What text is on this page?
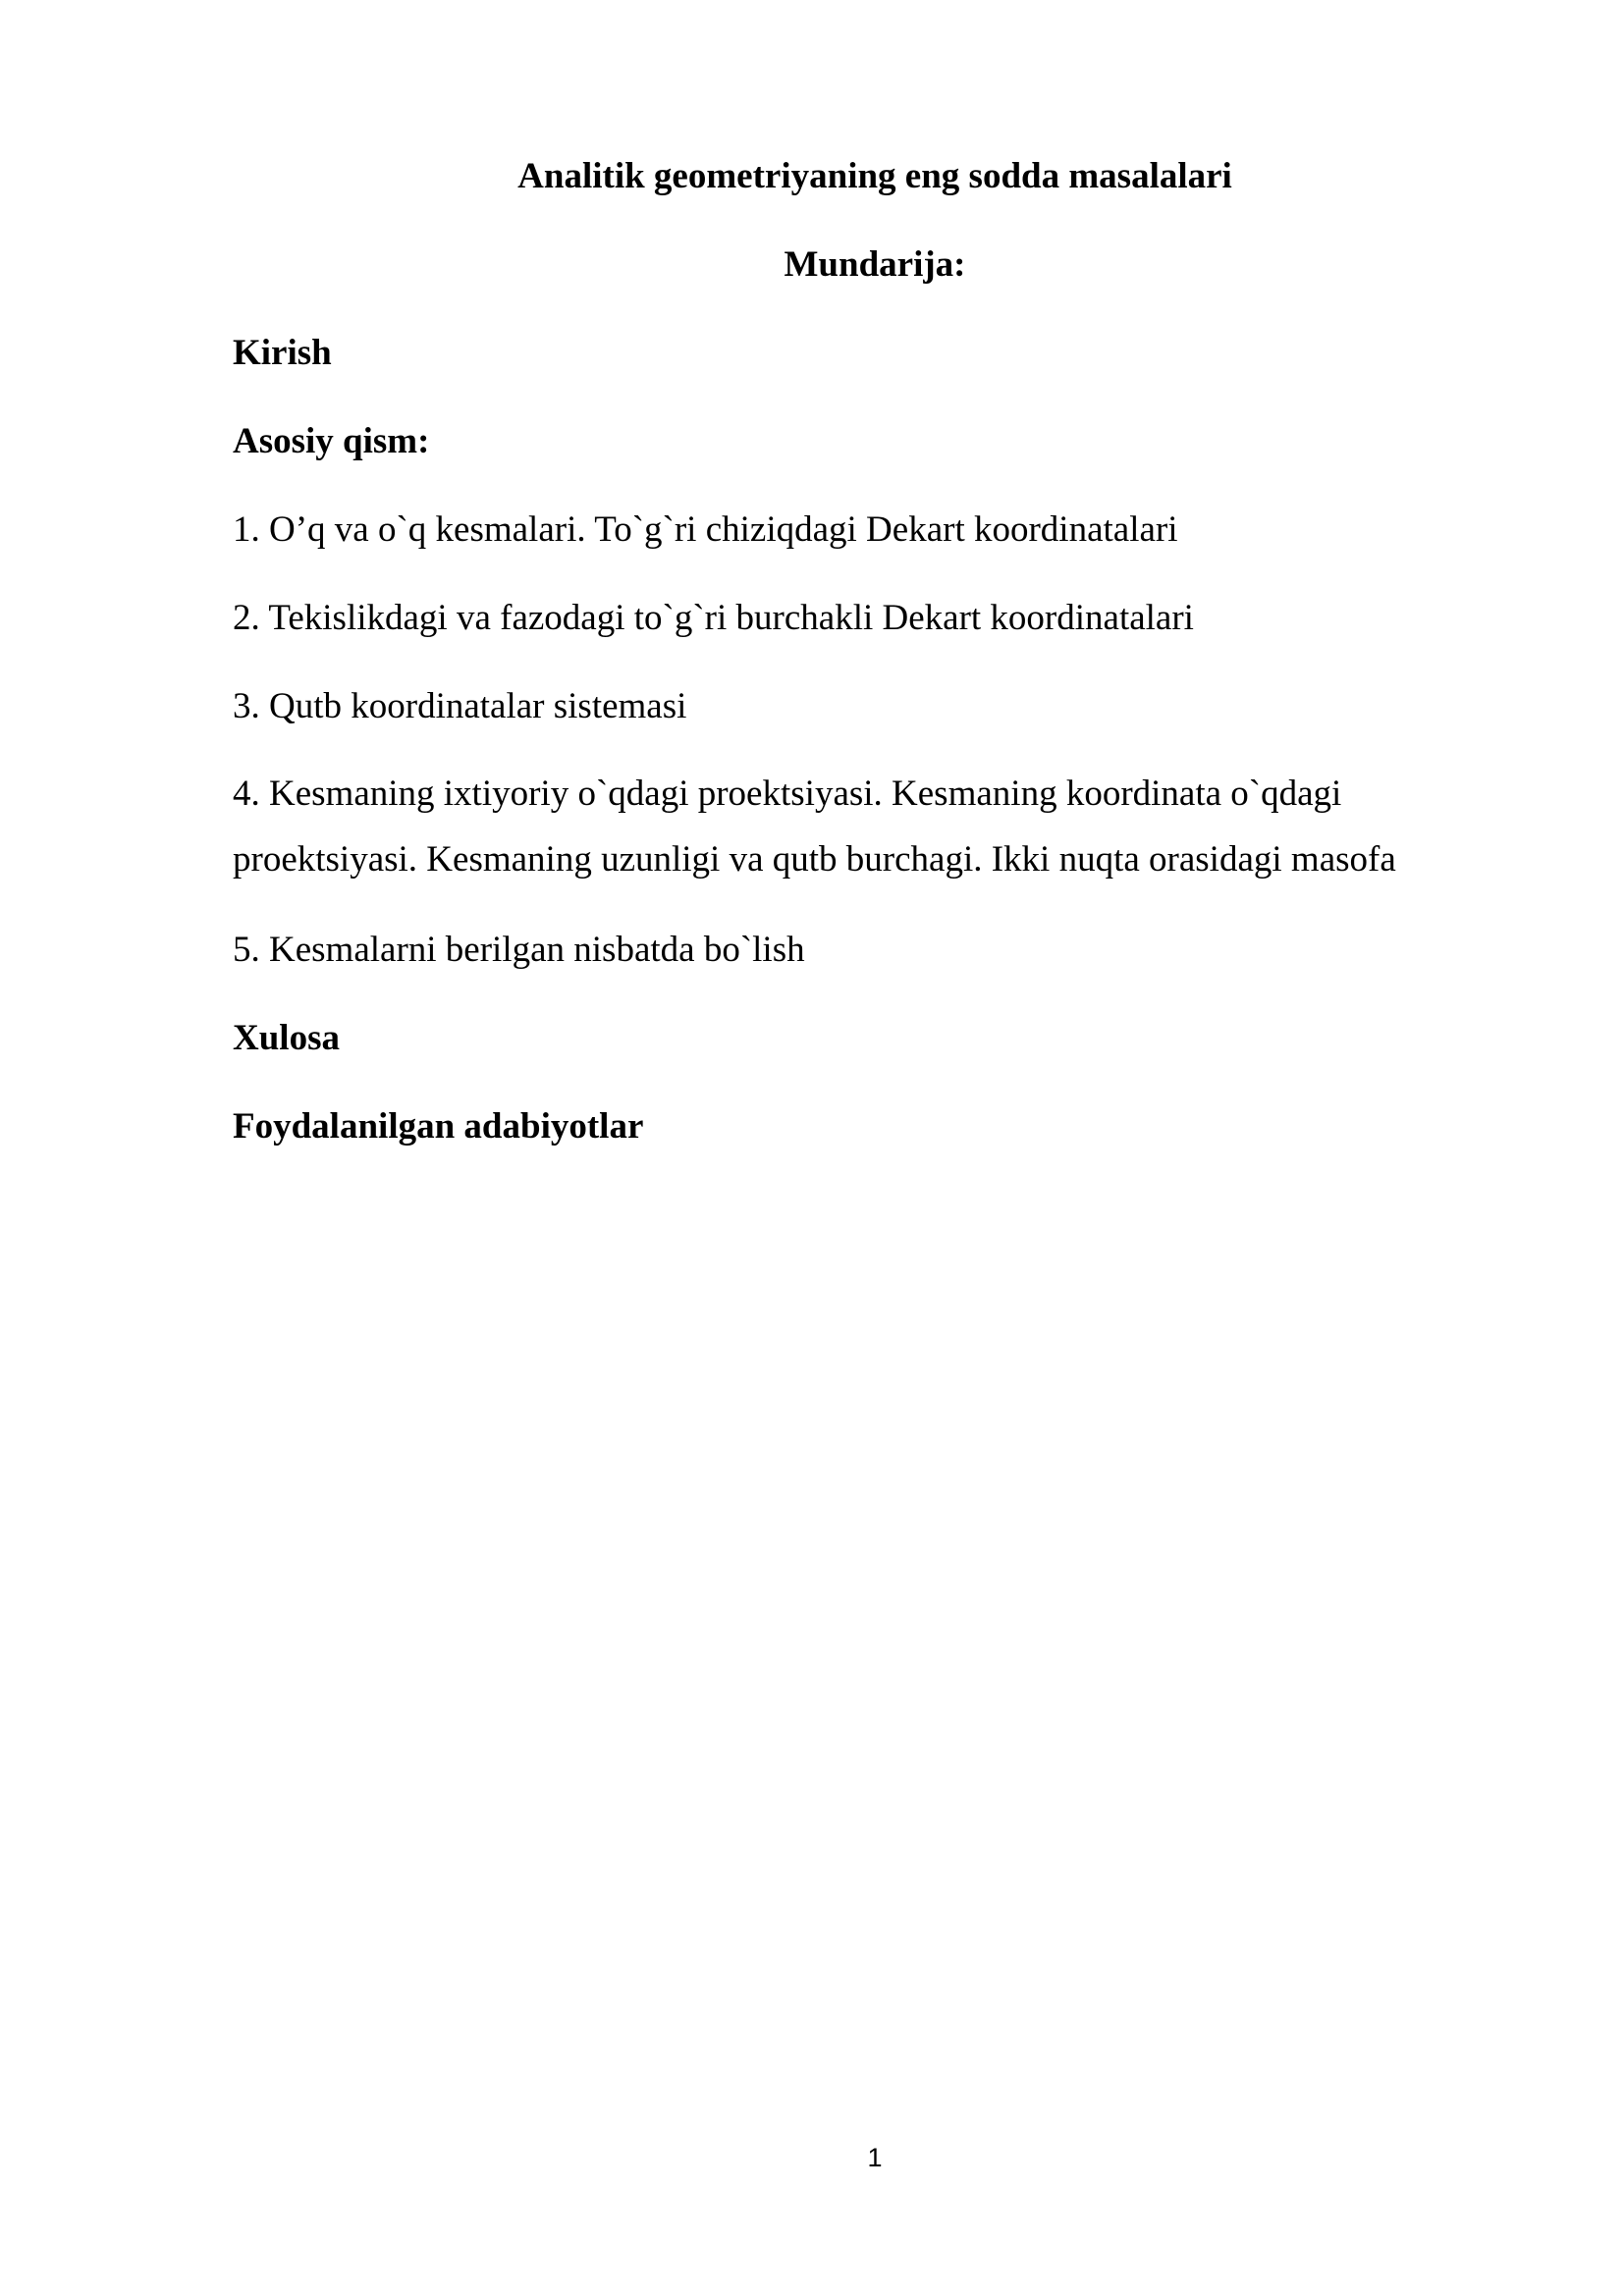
Analitik geometriyaning eng sodda masalalari
Mundarija:
Kirish
Asosiy qism:
1. O’q va o`q kesmalari. To`g`ri chiziqdagi Dekart koordinatalari
2. Tekislikdagi va fazodagi to`g`ri burchakli Dekart koordinatalari
3. Qutb koordinatalar sistemasi
4. Kesmaning ixtiyoriy o`qdagi proektsiyasi. Kesmaning koordinata o`qdagi proektsiyasi. Kesmaning uzunligi va qutb burchagi. Ikki nuqta orasidagi masofa
5. Kesmalarni berilgan nisbatda bo`lish
Xulosa
Foydalanilgan adabiyotlar
1
